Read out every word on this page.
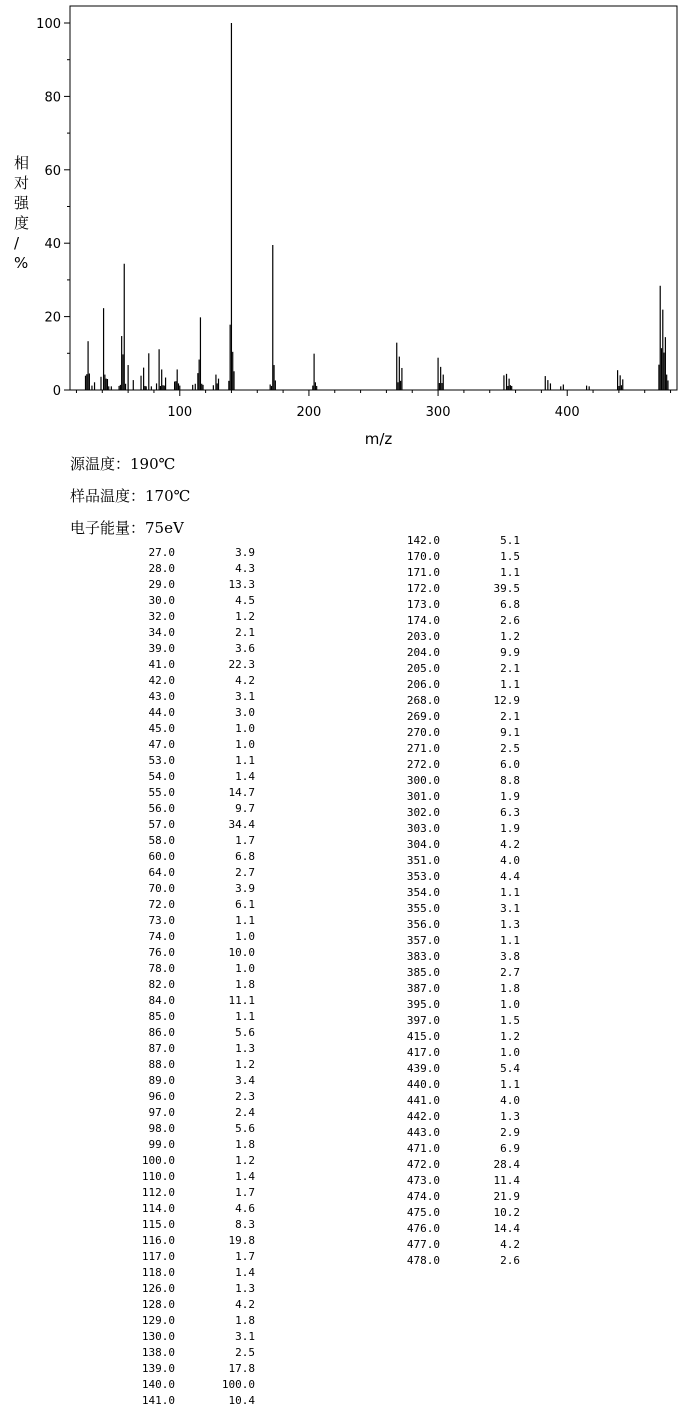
0
20
40
60
80
100
100	200	300	400
m/z
相对强度/ %
源温度：190℃
样品温度：170℃
电子能量：75eV
27.0	3.9
28.0	4.3
29.0	13.3
30.0	4.5
32.0	1.2
34.0	2.1
39.0	3.6
41.0	22.3
42.0	4.2
43.0	3.1
44.0	3.0
45.0	1.0
47.0	1.0
53.0	1.1
54.0	1.4
55.0	14.7
56.0	9.7
57.0	34.4
58.0	1.7
60.0	6.8
64.0	2.7
70.0	3.9
72.0	6.1
73.0	1.1
74.0	1.0
76.0	10.0
78.0	1.0
82.0	1.8
84.0	11.1
85.0	1.1
86.0	5.6
87.0	1.3
88.0	1.2
89.0	3.4
96.0	2.3
97.0	2.4
98.0	5.6
99.0	1.8
100.0	1.2
110.0	1.4
112.0	1.7
114.0	4.6
115.0	8.3
116.0	19.8
117.0	1.7
118.0	1.4
126.0	1.3
128.0	4.2
129.0	1.8
130.0	3.1
138.0	2.5
139.0	17.8
140.0	100.0
141.0	10.4
142.0	5.1
170.0	1.5
171.0	1.1
172.0	39.5
173.0	6.8
174.0	2.6
203.0	1.2
204.0	9.9
205.0	2.1
206.0	1.1
268.0	12.9
269.0	2.1
270.0	9.1
271.0	2.5
272.0	6.0
300.0	8.8
301.0	1.9
302.0	6.3
303.0	1.9
304.0	4.2
351.0	4.0
353.0	4.4
354.0	1.1
355.0	3.1
356.0	1.3
357.0	1.1
383.0	3.8
385.0	2.7
387.0	1.8
395.0	1.0
397.0	1.5
415.0	1.2
417.0	1.0
439.0	5.4
440.0	1.1
441.0	4.0
442.0	1.3
443.0	2.9
471.0	6.9
472.0	28.4
473.0	11.4
474.0	21.9
475.0	10.2
476.0	14.4
477.0	4.2
478.0	2.6
